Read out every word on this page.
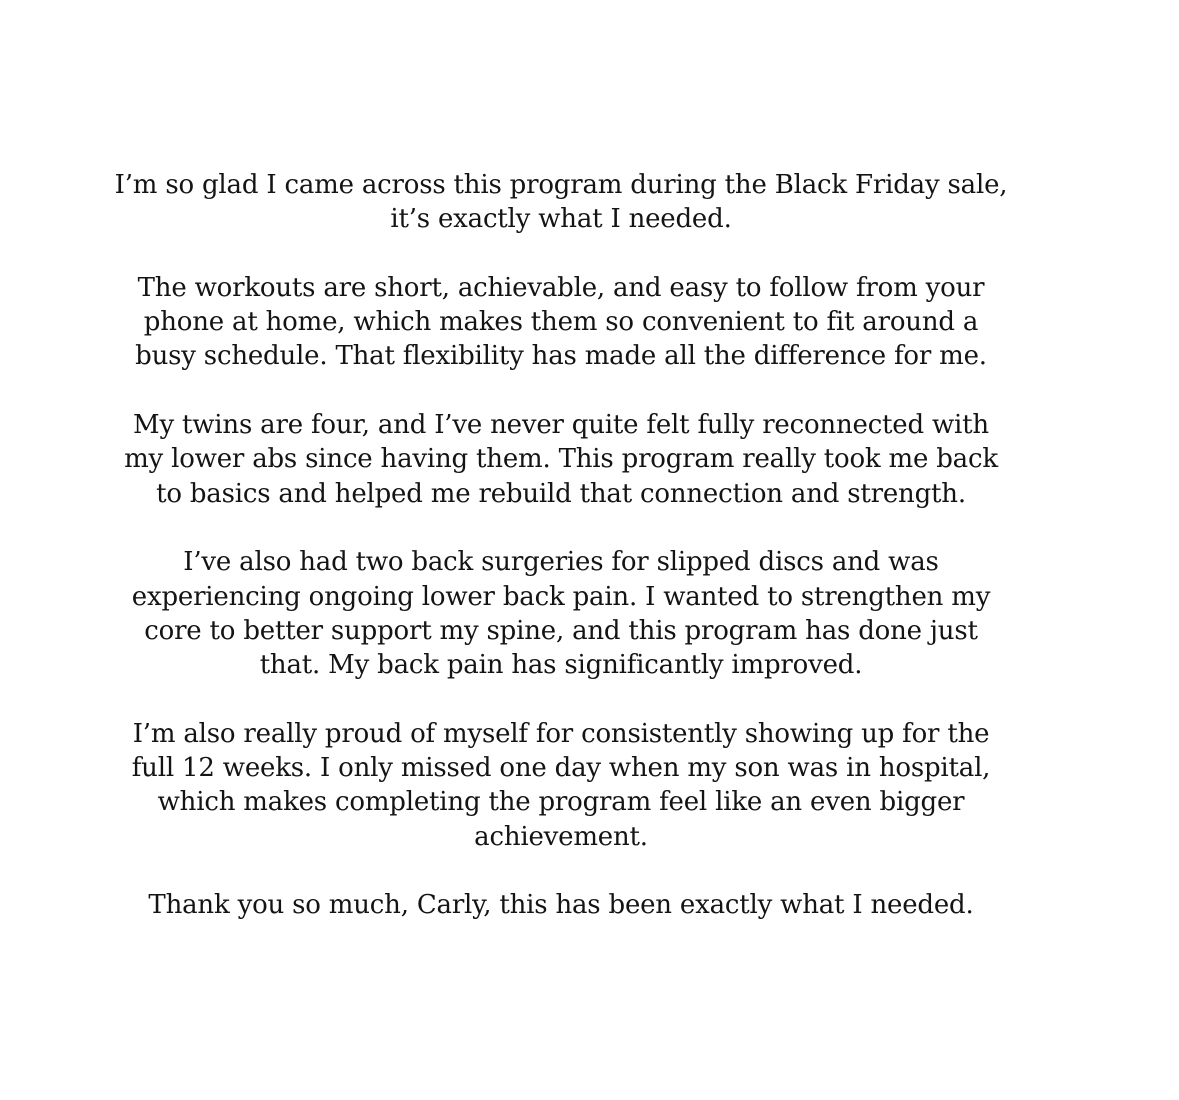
I’m so glad I came across this program during the Black Friday sale,
it’s exactly what I needed.

The workouts are short, achievable, and easy to follow from your
phone at home, which makes them so convenient to fit around a
busy schedule. That flexibility has made all the difference for me.

My twins are four, and I’ve never quite felt fully reconnected with
my lower abs since having them. This program really took me back
to basics and helped me rebuild that connection and strength.

I’ve also had two back surgeries for slipped discs and was
experiencing ongoing lower back pain. I wanted to strengthen my
core to better support my spine, and this program has done just
that. My back pain has significantly improved.

I’m also really proud of myself for consistently showing up for the
full 12 weeks. I only missed one day when my son was in hospital,
which makes completing the program feel like an even bigger
achievement.

Thank you so much, Carly, this has been exactly what I needed.
